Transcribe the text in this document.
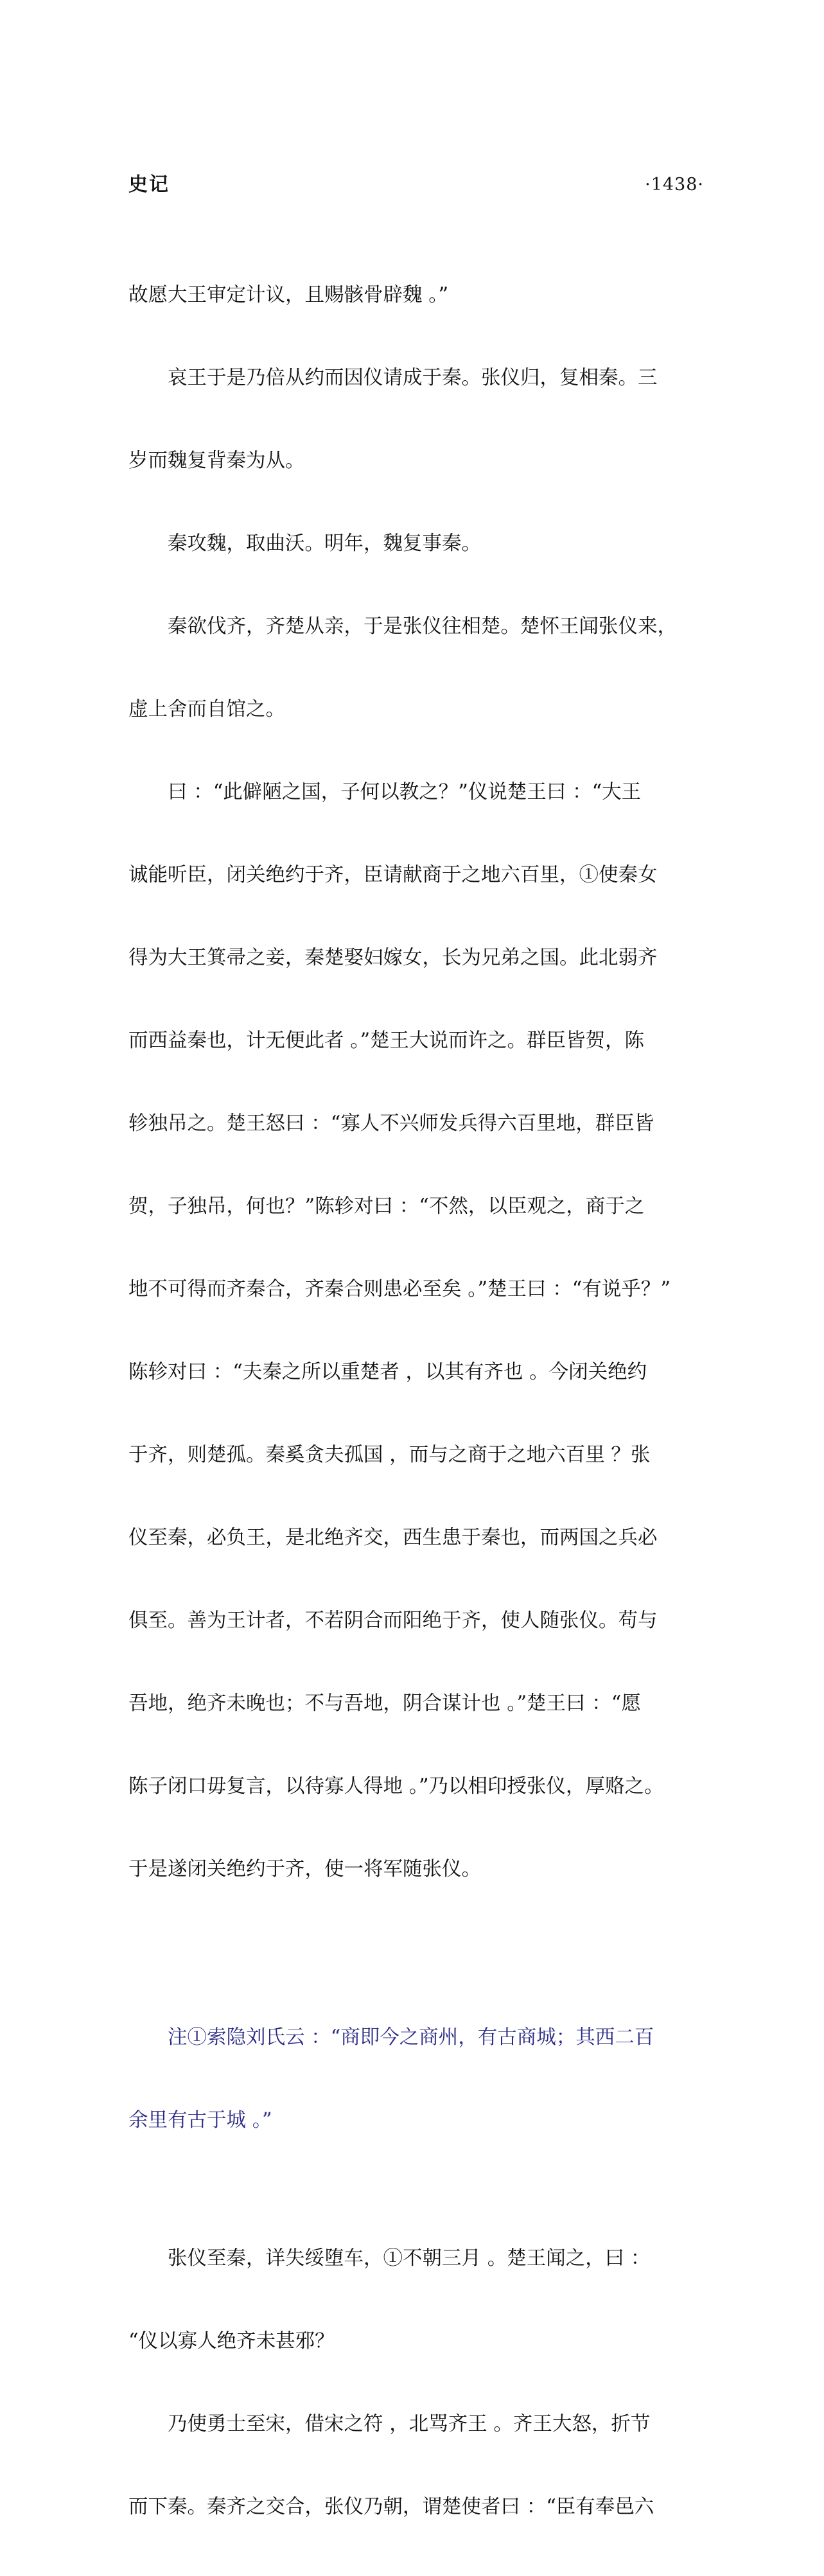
史记	·1438·

故愿大王审定计议，且赐骸骨辟魏 。”

　　哀王于是乃倍从约而因仪请成于秦。张仪归，复相秦。三

岁而魏复背秦为从。

　　秦攻魏，取曲沃。明年，魏复事秦。

　　秦欲伐齐，齐楚从亲，于是张仪往相楚。楚怀王闻张仪来，

虚上舍而自馆之。

　　曰 ：“此僻陋之国，子何以教之？”仪说楚王曰 ：“大王

诚能听臣，闭关绝约于齐，臣请献商于之地六百里，①使秦女

得为大王箕帚之妾，秦楚娶妇嫁女，长为兄弟之国。此北弱齐

而西益秦也，计无便此者 。”楚王大说而许之。群臣皆贺，陈

轸独吊之。楚王怒曰 ：“寡人不兴师发兵得六百里地，群臣皆

贺，子独吊，何也？”陈轸对曰 ：“不然，以臣观之，商于之

地不可得而齐秦合，齐秦合则患必至矣 。”楚王曰 ：“有说乎？”

陈轸对曰 ：“夫秦之所以重楚者 ，以其有齐也 。今闭关绝约

于齐，则楚孤。秦奚贪夫孤国 ，而与之商于之地六百里 ？张

仪至秦，必负王，是北绝齐交，西生患于秦也，而两国之兵必

俱至。善为王计者，不若阴合而阳绝于齐，使人随张仪。苟与

吾地，绝齐未晚也；不与吾地，阴合谋计也 。”楚王曰 ：“愿

陈子闭口毋复言，以待寡人得地 。”乃以相印授张仪，厚赂之。

于是遂闭关绝约于齐，使一将军随张仪。

　　注①索隐刘氏云 ：“商即今之商州，有古商城；其西二百

余里有古于城 。”

　　张仪至秦，详失绥堕车，①不朝三月 。楚王闻之，曰 ：

“仪以寡人绝齐未甚邪？

　　乃使勇士至宋，借宋之符 ，北骂齐王 。齐王大怒，折节

而下秦。秦齐之交合，张仪乃朝，谓楚使者曰 ：“臣有奉邑六
